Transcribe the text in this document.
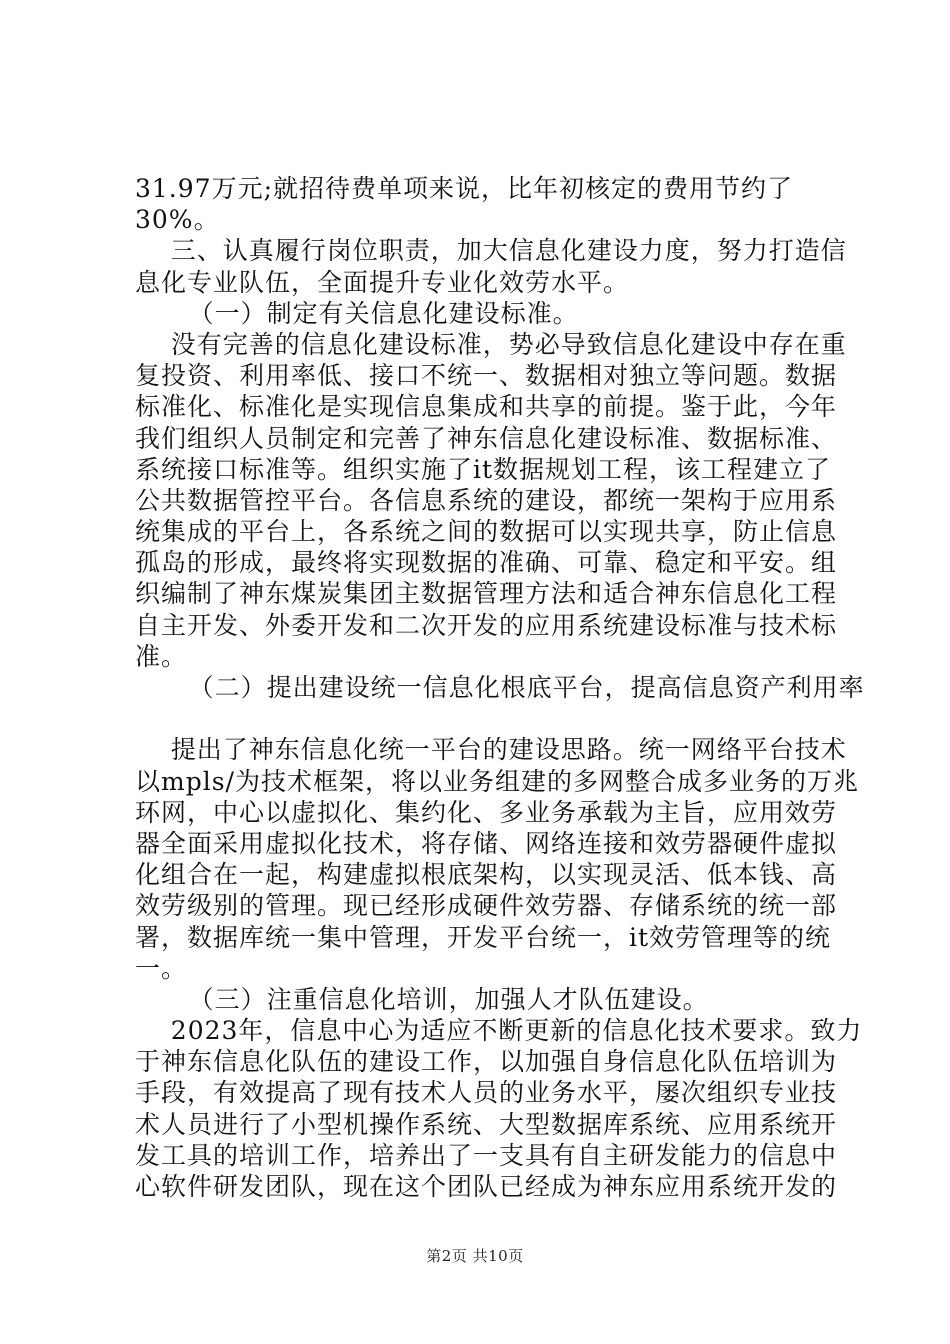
31.97万元;就招待费单项来说，比年初核定的费用节约了
30%。
三、认真履行岗位职责，加大信息化建设力度，努力打造信
息化专业队伍，全面提升专业化效劳水平。
（一）制定有关信息化建设标准。
没有完善的信息化建设标准，势必导致信息化建设中存在重
复投资、利用率低、接口不统一、数据相对独立等问题。数据
标准化、标准化是实现信息集成和共享的前提。鉴于此，今年
我们组织人员制定和完善了神东信息化建设标准、数据标准、
系统接口标准等。组织实施了it数据规划工程，该工程建立了
公共数据管控平台。各信息系统的建设，都统一架构于应用系
统集成的平台上，各系统之间的数据可以实现共享，防止信息
孤岛的形成，最终将实现数据的准确、可靠、稳定和平安。组
织编制了神东煤炭集团主数据管理方法和适合神东信息化工程
自主开发、外委开发和二次开发的应用系统建设标准与技术标
准。
（二）提出建设统一信息化根底平台，提高信息资产利用率
提出了神东信息化统一平台的建设思路。统一网络平台技术
以mpls/为技术框架，将以业务组建的多网整合成多业务的万兆
环网，中心以虚拟化、集约化、多业务承载为主旨，应用效劳
器全面采用虚拟化技术，将存储、网络连接和效劳器硬件虚拟
化组合在一起，构建虚拟根底架构，以实现灵活、低本钱、高
效劳级别的管理。现已经形成硬件效劳器、存储系统的统一部
署，数据库统一集中管理，开发平台统一，it效劳管理等的统
一。
（三）注重信息化培训，加强人才队伍建设。
2023年，信息中心为适应不断更新的信息化技术要求。致力
于神东信息化队伍的建设工作，以加强自身信息化队伍培训为
手段，有效提高了现有技术人员的业务水平，屡次组织专业技
术人员进行了小型机操作系统、大型数据库系统、应用系统开
发工具的培训工作，培养出了一支具有自主研发能力的信息中
心软件研发团队，现在这个团队已经成为神东应用系统开发的
第2页 共10页
